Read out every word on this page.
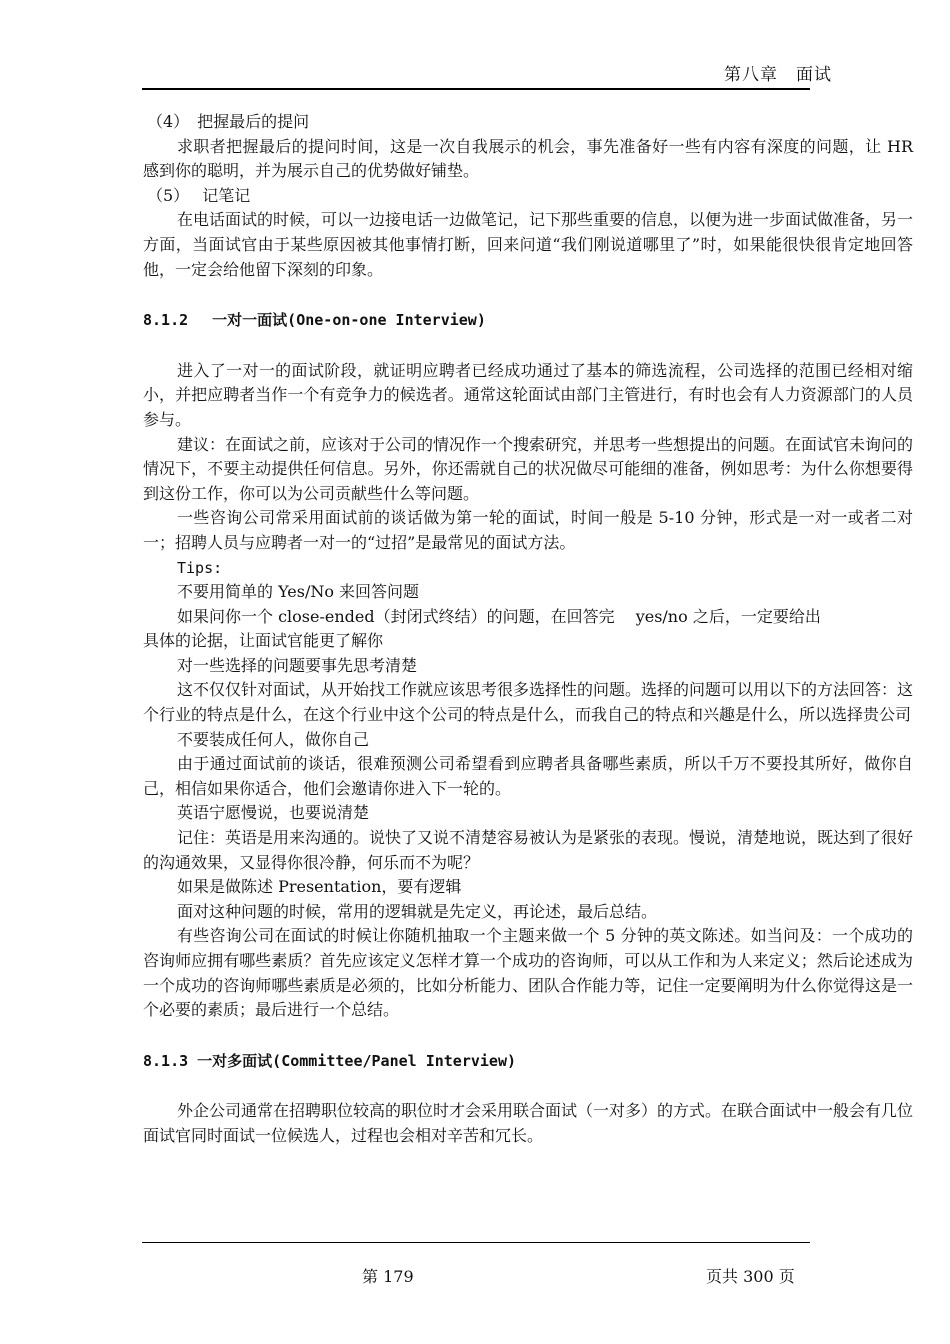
第八章　面试

（4）　把握最后的提问

求职者把握最后的提问时间，这是一次自我展示的机会，事先准备好一些有内容有深度的问题，让 HR 感到你的聪明，并为展示自己的优势做好铺垫。

（5）　 记笔记

在电话面试的时候，可以一边接电话一边做笔记，记下那些重要的信息，以便为进一步面试做准备，另一方面，当面试官由于某些原因被其他事情打断，回来问道“我们刚说道哪里了”时，如果能很快很肯定地回答他，一定会给他留下深刻的印象。

8.1.2　 一对一面试(One-on-one Interview)

进入了一对一的面试阶段，就证明应聘者已经成功通过了基本的筛选流程，公司选择的范围已经相对缩小，并把应聘者当作一个有竞争力的候选者。通常这轮面试由部门主管进行，有时也会有人力资源部门的人员参与。

建议：在面试之前，应该对于公司的情况作一个搜索研究，并思考一些想提出的问题。在面试官未询问的情况下，不要主动提供任何信息。另外，你还需就自己的状况做尽可能细的准备，例如思考：为什么你想要得到这份工作，你可以为公司贡献些什么等问题。

一些咨询公司常采用面试前的谈话做为第一轮的面试，时间一般是 5-10 分钟，形式是一对一或者二对一；招聘人员与应聘者一对一的“过招”是最常见的面试方法。

Tips:

不要用简单的 Yes/No 来回答问题

如果问你一个 close-ended（封闭式终结）的问题，在回答完　 yes/no 之后，一定要给出

具体的论据，让面试官能更了解你

对一些选择的问题要事先思考清楚

这不仅仅针对面试，从开始找工作就应该思考很多选择性的问题。选择的问题可以用以下的方法回答：这个行业的特点是什么，在这个行业中这个公司的特点是什么，而我自己的特点和兴趣是什么，所以选择贵公司

不要装成任何人，做你自己

由于通过面试前的谈话，很难预测公司希望看到应聘者具备哪些素质，所以千万不要投其所好，做你自己，相信如果你适合，他们会邀请你进入下一轮的。

英语宁愿慢说，也要说清楚

记住：英语是用来沟通的。说快了又说不清楚容易被认为是紧张的表现。慢说，清楚地说，既达到了很好的沟通效果，又显得你很冷静，何乐而不为呢？

如果是做陈述 Presentation，要有逻辑

面对这种问题的时候，常用的逻辑就是先定义，再论述，最后总结。

有些咨询公司在面试的时候让你随机抽取一个主题来做一个 5 分钟的英文陈述。如当问及：一个成功的咨询师应拥有哪些素质？首先应该定义怎样才算一个成功的咨询师，可以从工作和为人来定义；然后论述成为一个成功的咨询师哪些素质是必须的，比如分析能力、团队合作能力等，记住一定要阐明为什么你觉得这是一个必要的素质；最后进行一个总结。

8.1.3 一对多面试(Committee/Panel Interview)

外企公司通常在招聘职位较高的职位时才会采用联合面试（一对多）的方式。在联合面试中一般会有几位面试官同时面试一位候选人，过程也会相对辛苦和冗长。

第 179	页共 300 页
